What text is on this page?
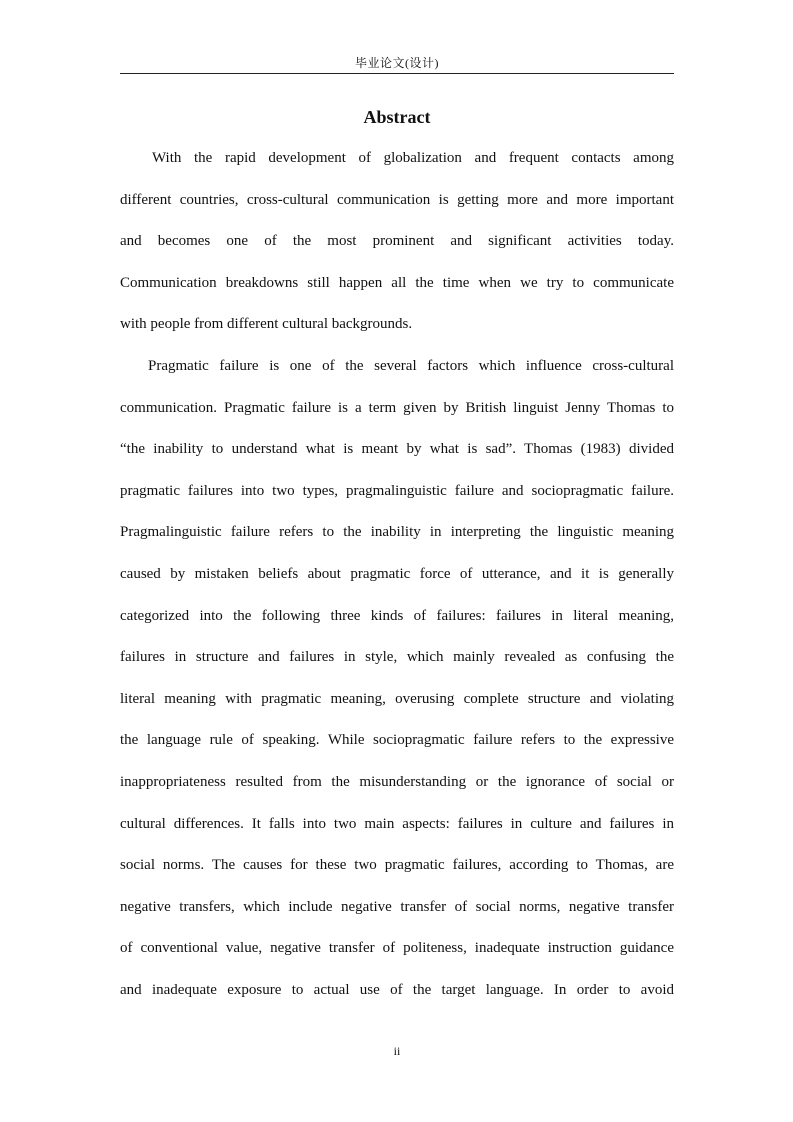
毕业论文(设计)
Abstract
With the rapid development of globalization and frequent contacts among
different countries, cross-cultural communication is getting more and more important
and becomes one of the most prominent and significant activities today.
Communication breakdowns still happen all the time when we try to communicate
with people from different cultural backgrounds.
Pragmatic failure is one of the several factors which influence cross-cultural
communication. Pragmatic failure is a term given by British linguist Jenny Thomas to
“the inability to understand what is meant by what is sad”. Thomas (1983) divided
pragmatic failures into two types, pragmalinguistic failure and sociopragmatic failure.
Pragmalinguistic failure refers to the inability in interpreting the linguistic meaning
caused by mistaken beliefs about pragmatic force of utterance, and it is generally
categorized into the following three kinds of failures: failures in literal meaning,
failures in structure and failures in style, which mainly revealed as confusing the
literal meaning with pragmatic meaning, overusing complete structure and violating
the language rule of speaking. While sociopragmatic failure refers to the expressive
inappropriateness resulted from the misunderstanding or the ignorance of social or
cultural differences. It falls into two main aspects: failures in culture and failures in
social norms. The causes for these two pragmatic failures, according to Thomas, are
negative transfers, which include negative transfer of social norms, negative transfer
of conventional value, negative transfer of politeness, inadequate instruction guidance
and inadequate exposure to actual use of the target language. In order to avoid
ii
